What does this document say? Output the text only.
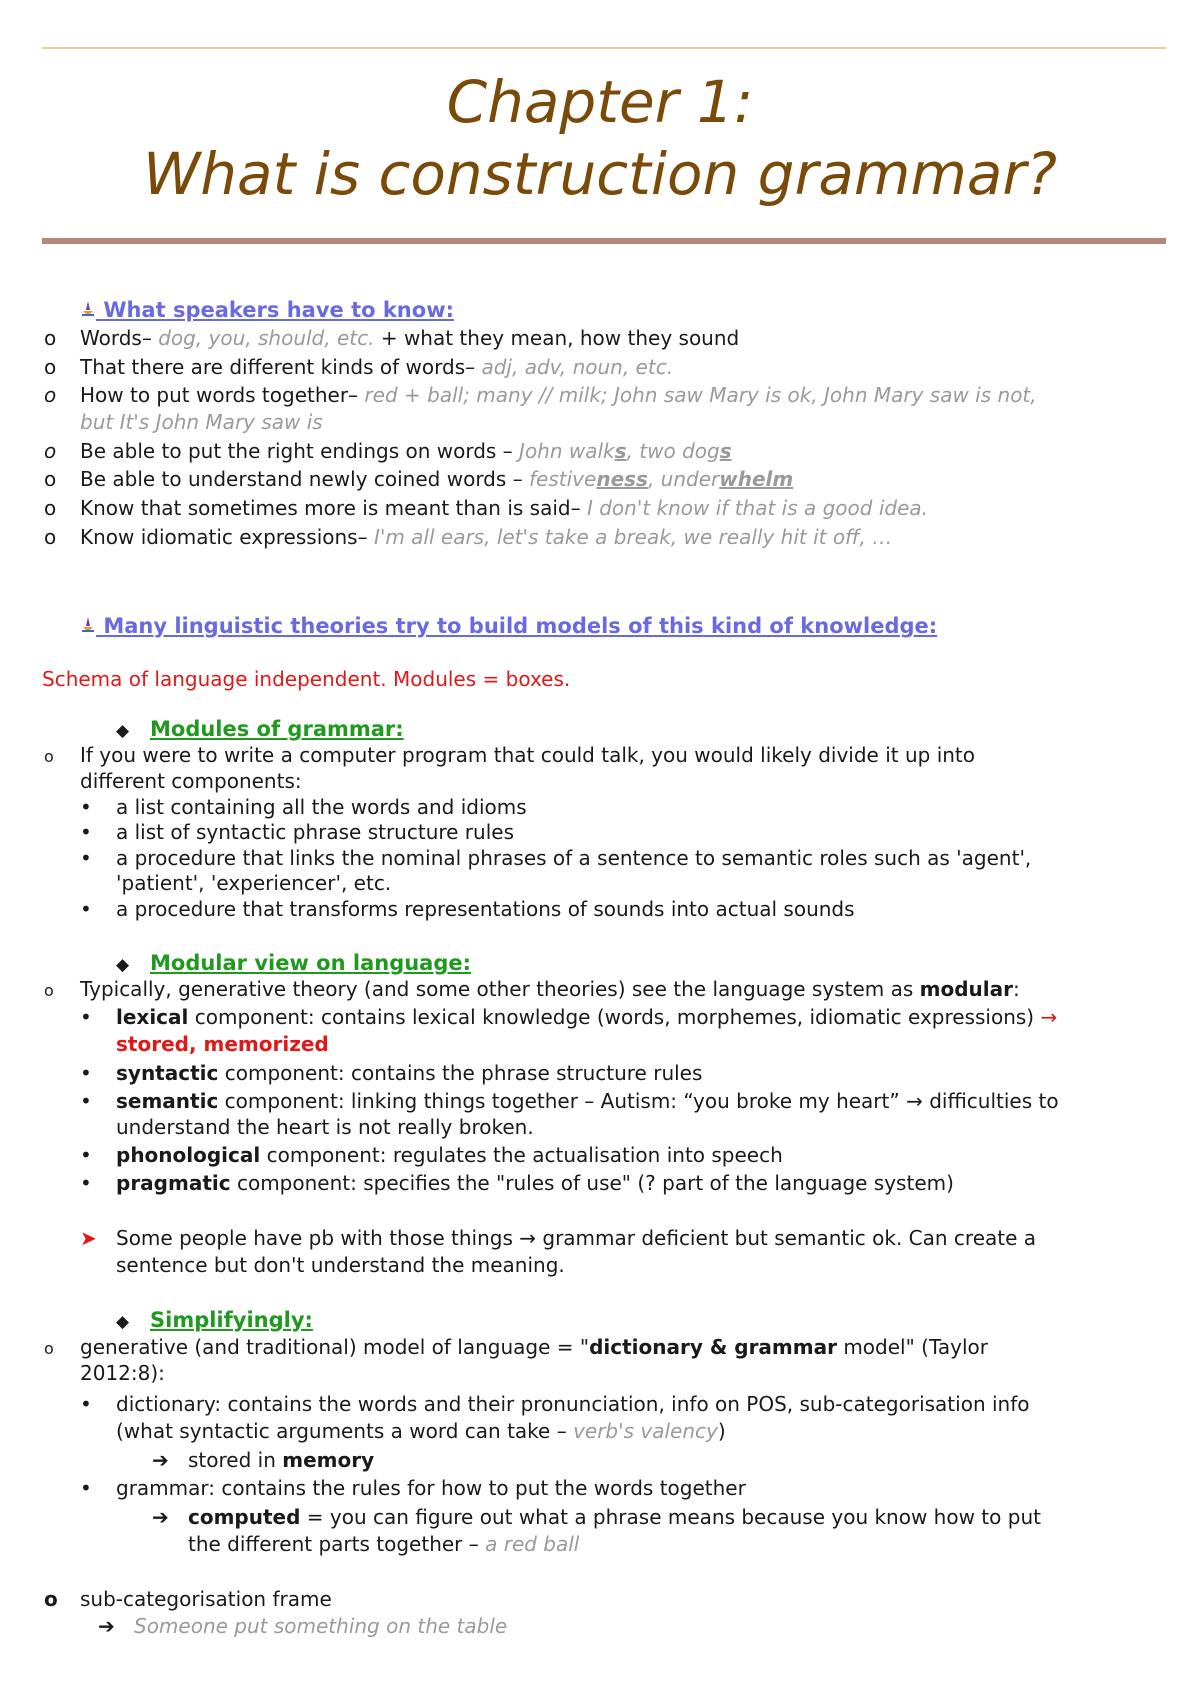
Chapter 1:
What is construction grammar?
What speakers have to know:
o Words– dog, you, should, etc. + what they mean, how they sound
o That there are different kinds of words– adj, adv, noun, etc.
o How to put words together– red + ball; many // milk; John saw Mary is ok, John Mary saw is not,
but It's John Mary saw is
o Be able to put the right endings on words – John walks, two dogs
o Be able to understand newly coined words – festiveness, underwhelm
o Know that sometimes more is meant than is said– I don't know if that is a good idea.
o Know idiomatic expressions– I'm all ears, let's take a break, we really hit it off, …
Many linguistic theories try to build models of this kind of knowledge:
Schema of language independent. Modules = boxes.
◆ Modules of grammar:
o If you were to write a computer program that could talk, you would likely divide it up into
different components:
• a list containing all the words and idioms
• a list of syntactic phrase structure rules
• a procedure that links the nominal phrases of a sentence to semantic roles such as 'agent',
'patient', 'experiencer', etc.
• a procedure that transforms representations of sounds into actual sounds
◆ Modular view on language:
o Typically, generative theory (and some other theories) see the language system as modular:
• lexical component: contains lexical knowledge (words, morphemes, idiomatic expressions) →
stored, memorized
• syntactic component: contains the phrase structure rules
• semantic component: linking things together – Autism: “you broke my heart” → difficulties to
understand the heart is not really broken.
• phonological component: regulates the actualisation into speech
• pragmatic component: specifies the "rules of use" (? part of the language system)
➤ Some people have pb with those things → grammar deficient but semantic ok. Can create a
sentence but don't understand the meaning.
◆ Simplifyingly:
o generative (and traditional) model of language = "dictionary & grammar model" (Taylor
2012:8):
• dictionary: contains the words and their pronunciation, info on POS, sub-categorisation info
(what syntactic arguments a word can take – verb's valency)
➔ stored in memory
• grammar: contains the rules for how to put the words together
➔ computed = you can figure out what a phrase means because you know how to put
the different parts together – a red ball
o sub-categorisation frame
➔ Someone put something on the table
